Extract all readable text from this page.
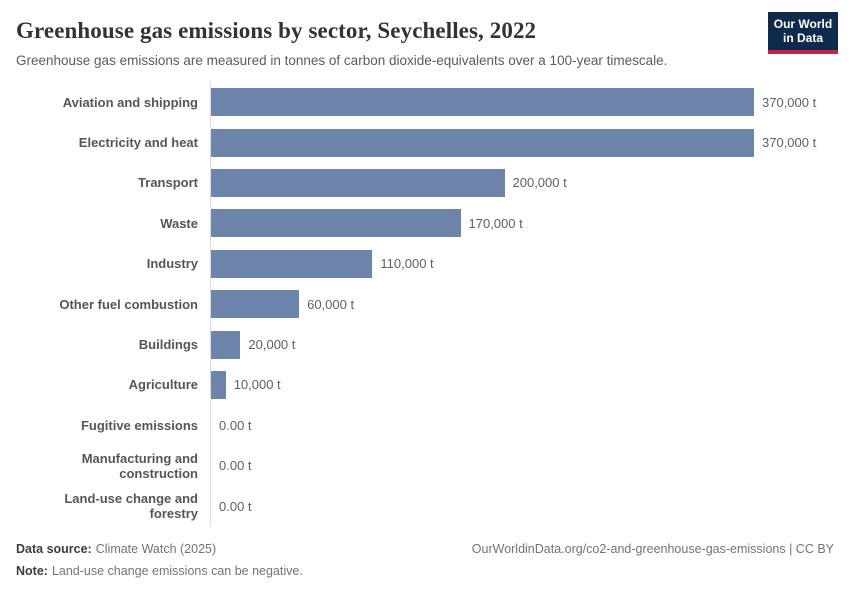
Greenhouse gas emissions by sector, Seychelles, 2022
Greenhouse gas emissions are measured in tonnes of carbon dioxide-equivalents over a 100-year timescale.
Our World
in Data
Aviation and shipping	370,000 t
Electricity and heat	370,000 t
Transport	200,000 t
Waste	170,000 t
Industry	110,000 t
Other fuel combustion	60,000 t
Buildings	20,000 t
Agriculture	10,000 t
Fugitive emissions	0.00 t
Manufacturing and construction	0.00 t
Land-use change and forestry	0.00 t
Data source: Climate Watch (2025)
Note: Land-use change emissions can be negative.
OurWorldinData.org/co2-and-greenhouse-gas-emissions | CC BY
